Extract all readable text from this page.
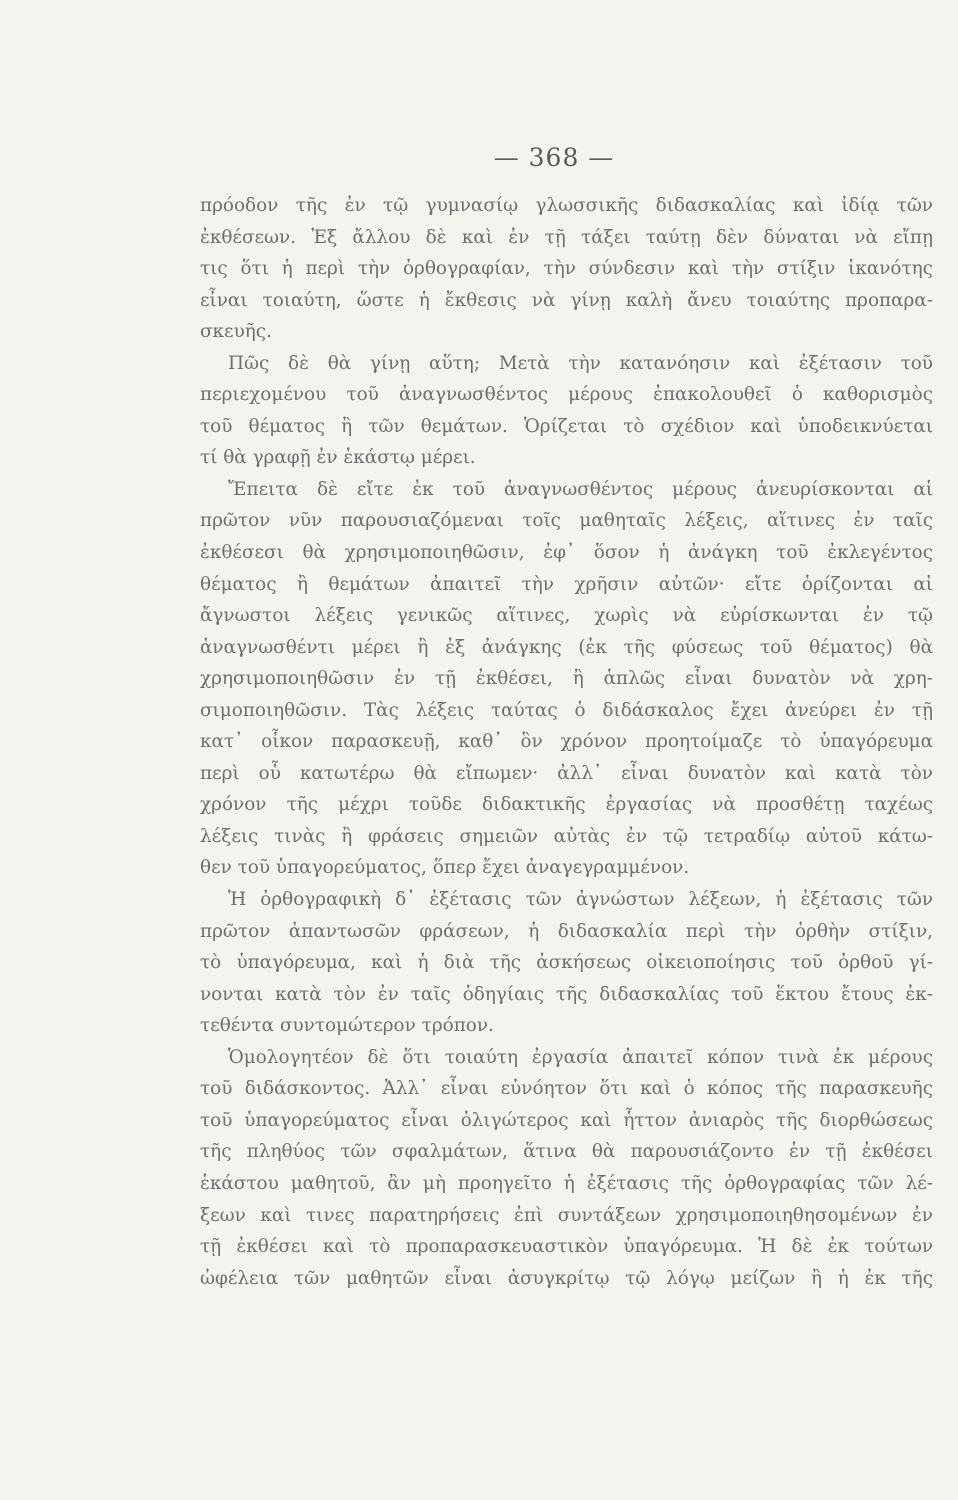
— 368 —
πρόοδον τῆς ἐν τῷ γυμνασίῳ γλωσσικῆς διδασκαλίας καὶ ἰδίᾳ τῶν
ἐκθέσεων. Ἐξ ἄλλου δὲ καὶ ἐν τῇ τάξει ταύτῃ δὲν δύναται νὰ εἴπῃ
τις ὅτι ἡ περὶ τὴν ὀρθογραφίαν, τὴν σύνδεσιν καὶ τὴν στίξιν ἱκανότης
εἶναι τοιαύτη, ὥστε ἡ ἔκθεσις νὰ γίνῃ καλὴ ἄνευ τοιαύτης προπαρα-
σκευῆς.
Πῶς δὲ θὰ γίνῃ αὕτη; Μετὰ τὴν κατανόησιν καὶ ἐξέτασιν τοῦ
περιεχομένου τοῦ ἀναγνωσθέντος μέρους ἐπακολουθεῖ ὁ καθορισμὸς
τοῦ θέματος ἢ τῶν θεμάτων. Ὁρίζεται τὸ σχέδιον καὶ ὑποδεικνύεται
τί θὰ γραφῇ ἐν ἑκάστῳ μέρει.
Ἔπειτα δὲ εἴτε ἐκ τοῦ ἀναγνωσθέντος μέρους ἀνευρίσκονται αἱ
πρῶτον νῦν παρουσιαζόμεναι τοῖς μαθηταῖς λέξεις, αἵτινες ἐν ταῖς
ἐκθέσεσι θὰ χρησιμοποιηθῶσιν, ἐφ᾽ ὅσον ἡ ἀνάγκη τοῦ ἐκλεγέντος
θέματος ἢ θεμάτων ἀπαιτεῖ τὴν χρῆσιν αὐτῶν· εἴτε ὁρίζονται αἱ
ἄγνωστοι λέξεις γενικῶς αἵτινες, χωρὶς νὰ εὑρίσκωνται ἐν τῷ
ἀναγνωσθέντι μέρει ἢ ἐξ ἀνάγκης (ἐκ τῆς φύσεως τοῦ θέματος) θὰ
χρησιμοποιηθῶσιν ἐν τῇ ἐκθέσει, ἢ ἁπλῶς εἶναι δυνατὸν νὰ χρη-
σιμοποιηθῶσιν. Τὰς λέξεις ταύτας ὁ διδάσκαλος ἔχει ἀνεύρει ἐν τῇ
κατ᾽ οἶκον παρασκευῇ, καθ᾽ ὃν χρόνον προητοίμαζε τὸ ὑπαγόρευμα
περὶ οὗ κατωτέρω θὰ εἴπωμεν· ἀλλ᾽ εἶναι δυνατὸν καὶ κατὰ τὸν
χρόνον τῆς μέχρι τοῦδε διδακτικῆς ἐργασίας νὰ προσθέτῃ ταχέως
λέξεις τινὰς ἢ φράσεις σημειῶν αὐτὰς ἐν τῷ τετραδίῳ αὐτοῦ κάτω-
θεν τοῦ ὑπαγορεύματος, ὅπερ ἔχει ἀναγεγραμμένον.
Ἡ ὀρθογραφικὴ δ᾽ ἐξέτασις τῶν ἀγνώστων λέξεων, ἡ ἐξέτασις τῶν
πρῶτον ἀπαντωσῶν φράσεων, ἡ διδασκαλία περὶ τὴν ὀρθὴν στίξιν,
τὸ ὑπαγόρευμα, καὶ ἡ διὰ τῆς ἀσκήσεως οἰκειοποίησις τοῦ ὀρθοῦ γί-
νονται κατὰ τὸν ἐν ταῖς ὁδηγίαις τῆς διδασκαλίας τοῦ ἕκτου ἔτους ἐκ-
τεθέντα συντομώτερον τρόπον.
Ὁμολογητέον δὲ ὅτι τοιαύτη ἐργασία ἀπαιτεῖ κόπον τινὰ ἐκ μέρους
τοῦ διδάσκοντος. Ἀλλ᾽ εἶναι εὐνόητον ὅτι καὶ ὁ κόπος τῆς παρασκευῆς
τοῦ ὑπαγορεύματος εἶναι ὀλιγώτερος καὶ ἧττον ἀνιαρὸς τῆς διορθώσεως
τῆς πληθύος τῶν σφαλμάτων, ἅτινα θὰ παρουσιάζοντο ἐν τῇ ἐκθέσει
ἑκάστου μαθητοῦ, ἂν μὴ προηγεῖτο ἡ ἐξέτασις τῆς ὀρθογραφίας τῶν λέ-
ξεων καὶ τινες παρατηρήσεις ἐπὶ συντάξεων χρησιμοποιηθησομένων ἐν
τῇ ἐκθέσει καὶ τὸ προπαρασκευαστικὸν ὑπαγόρευμα. Ἡ δὲ ἐκ τούτων
ὠφέλεια τῶν μαθητῶν εἶναι ἀσυγκρίτῳ τῷ λόγῳ μείζων ἢ ἡ ἐκ τῆς
